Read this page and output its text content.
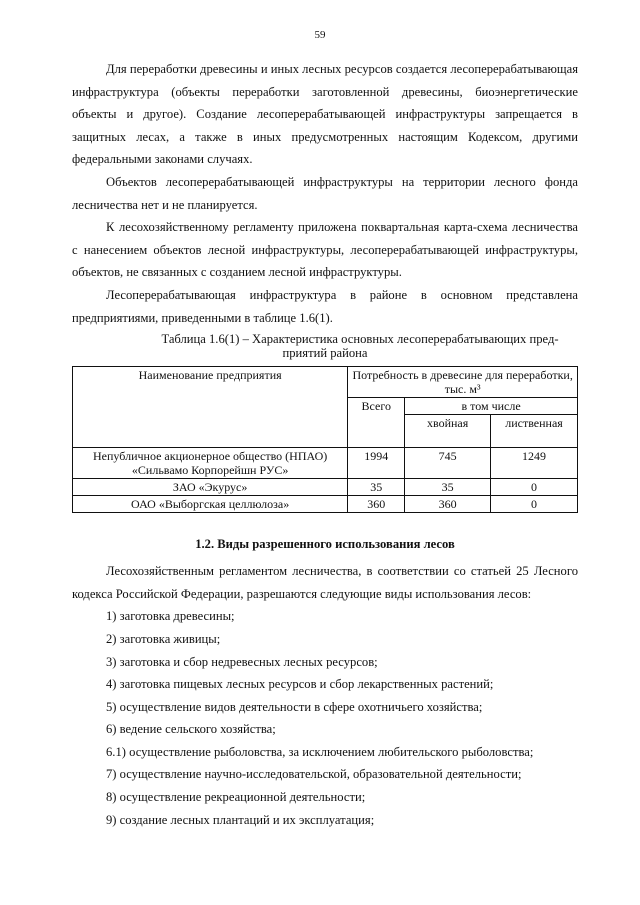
59

Для переработки древесины и иных лесных ресурсов создается лесоперерабатывающая инфраструктура (объекты переработки заготовленной древесины, биоэнергетические объекты и другое). Создание лесоперерабатывающей инфраструктуры запрещается в защитных лесах, а также в иных предусмотренных настоящим Кодексом, другими федеральными законами случаях.

Объектов лесоперерабатывающей инфраструктуры на территории лесного фонда лесничества нет и не планируется.

К лесохозяйственному регламенту приложена поквартальная карта-схема лесничества с нанесением объектов лесной инфраструктуры, лесоперерабатывающей инфраструктуры, объектов, не связанных с созданием лесной инфраструктуры.

Лесоперерабатывающая инфраструктура в районе в основном представлена предприятиями, приведенными в таблице 1.6(1).

Таблица 1.6(1) – Характеристика основных лесоперерабатывающих пред-
приятий района
Наименование предприятия	Потребность в древесине для переработки, тыс. м³		
	Всего	в том числе	
		хвойная	лиственная
Непубличное акционерное общество (НПАО) «Сильвамо Корпорейшн РУС»	1994	745	1249
ЗАО «Экурус»	35	35	0
ОАО «Выборгская целлюлоза»	360	360	0
1.2. Виды разрешенного использования лесов

Лесохозяйственным регламентом лесничества, в соответствии со статьей 25 Лесного кодекса Российской Федерации, разрешаются следующие виды использования лесов:

1) заготовка древесины;

2) заготовка живицы;

3) заготовка и сбор недревесных лесных ресурсов;

4) заготовка пищевых лесных ресурсов и сбор лекарственных растений;

5) осуществление видов деятельности в сфере охотничьего хозяйства;

6) ведение сельского хозяйства;

6.1) осуществление рыболовства, за исключением любительского рыболовства;

7) осуществление научно-исследовательской, образовательной деятельности;

8) осуществление рекреационной деятельности;

9) создание лесных плантаций и их эксплуатация;
